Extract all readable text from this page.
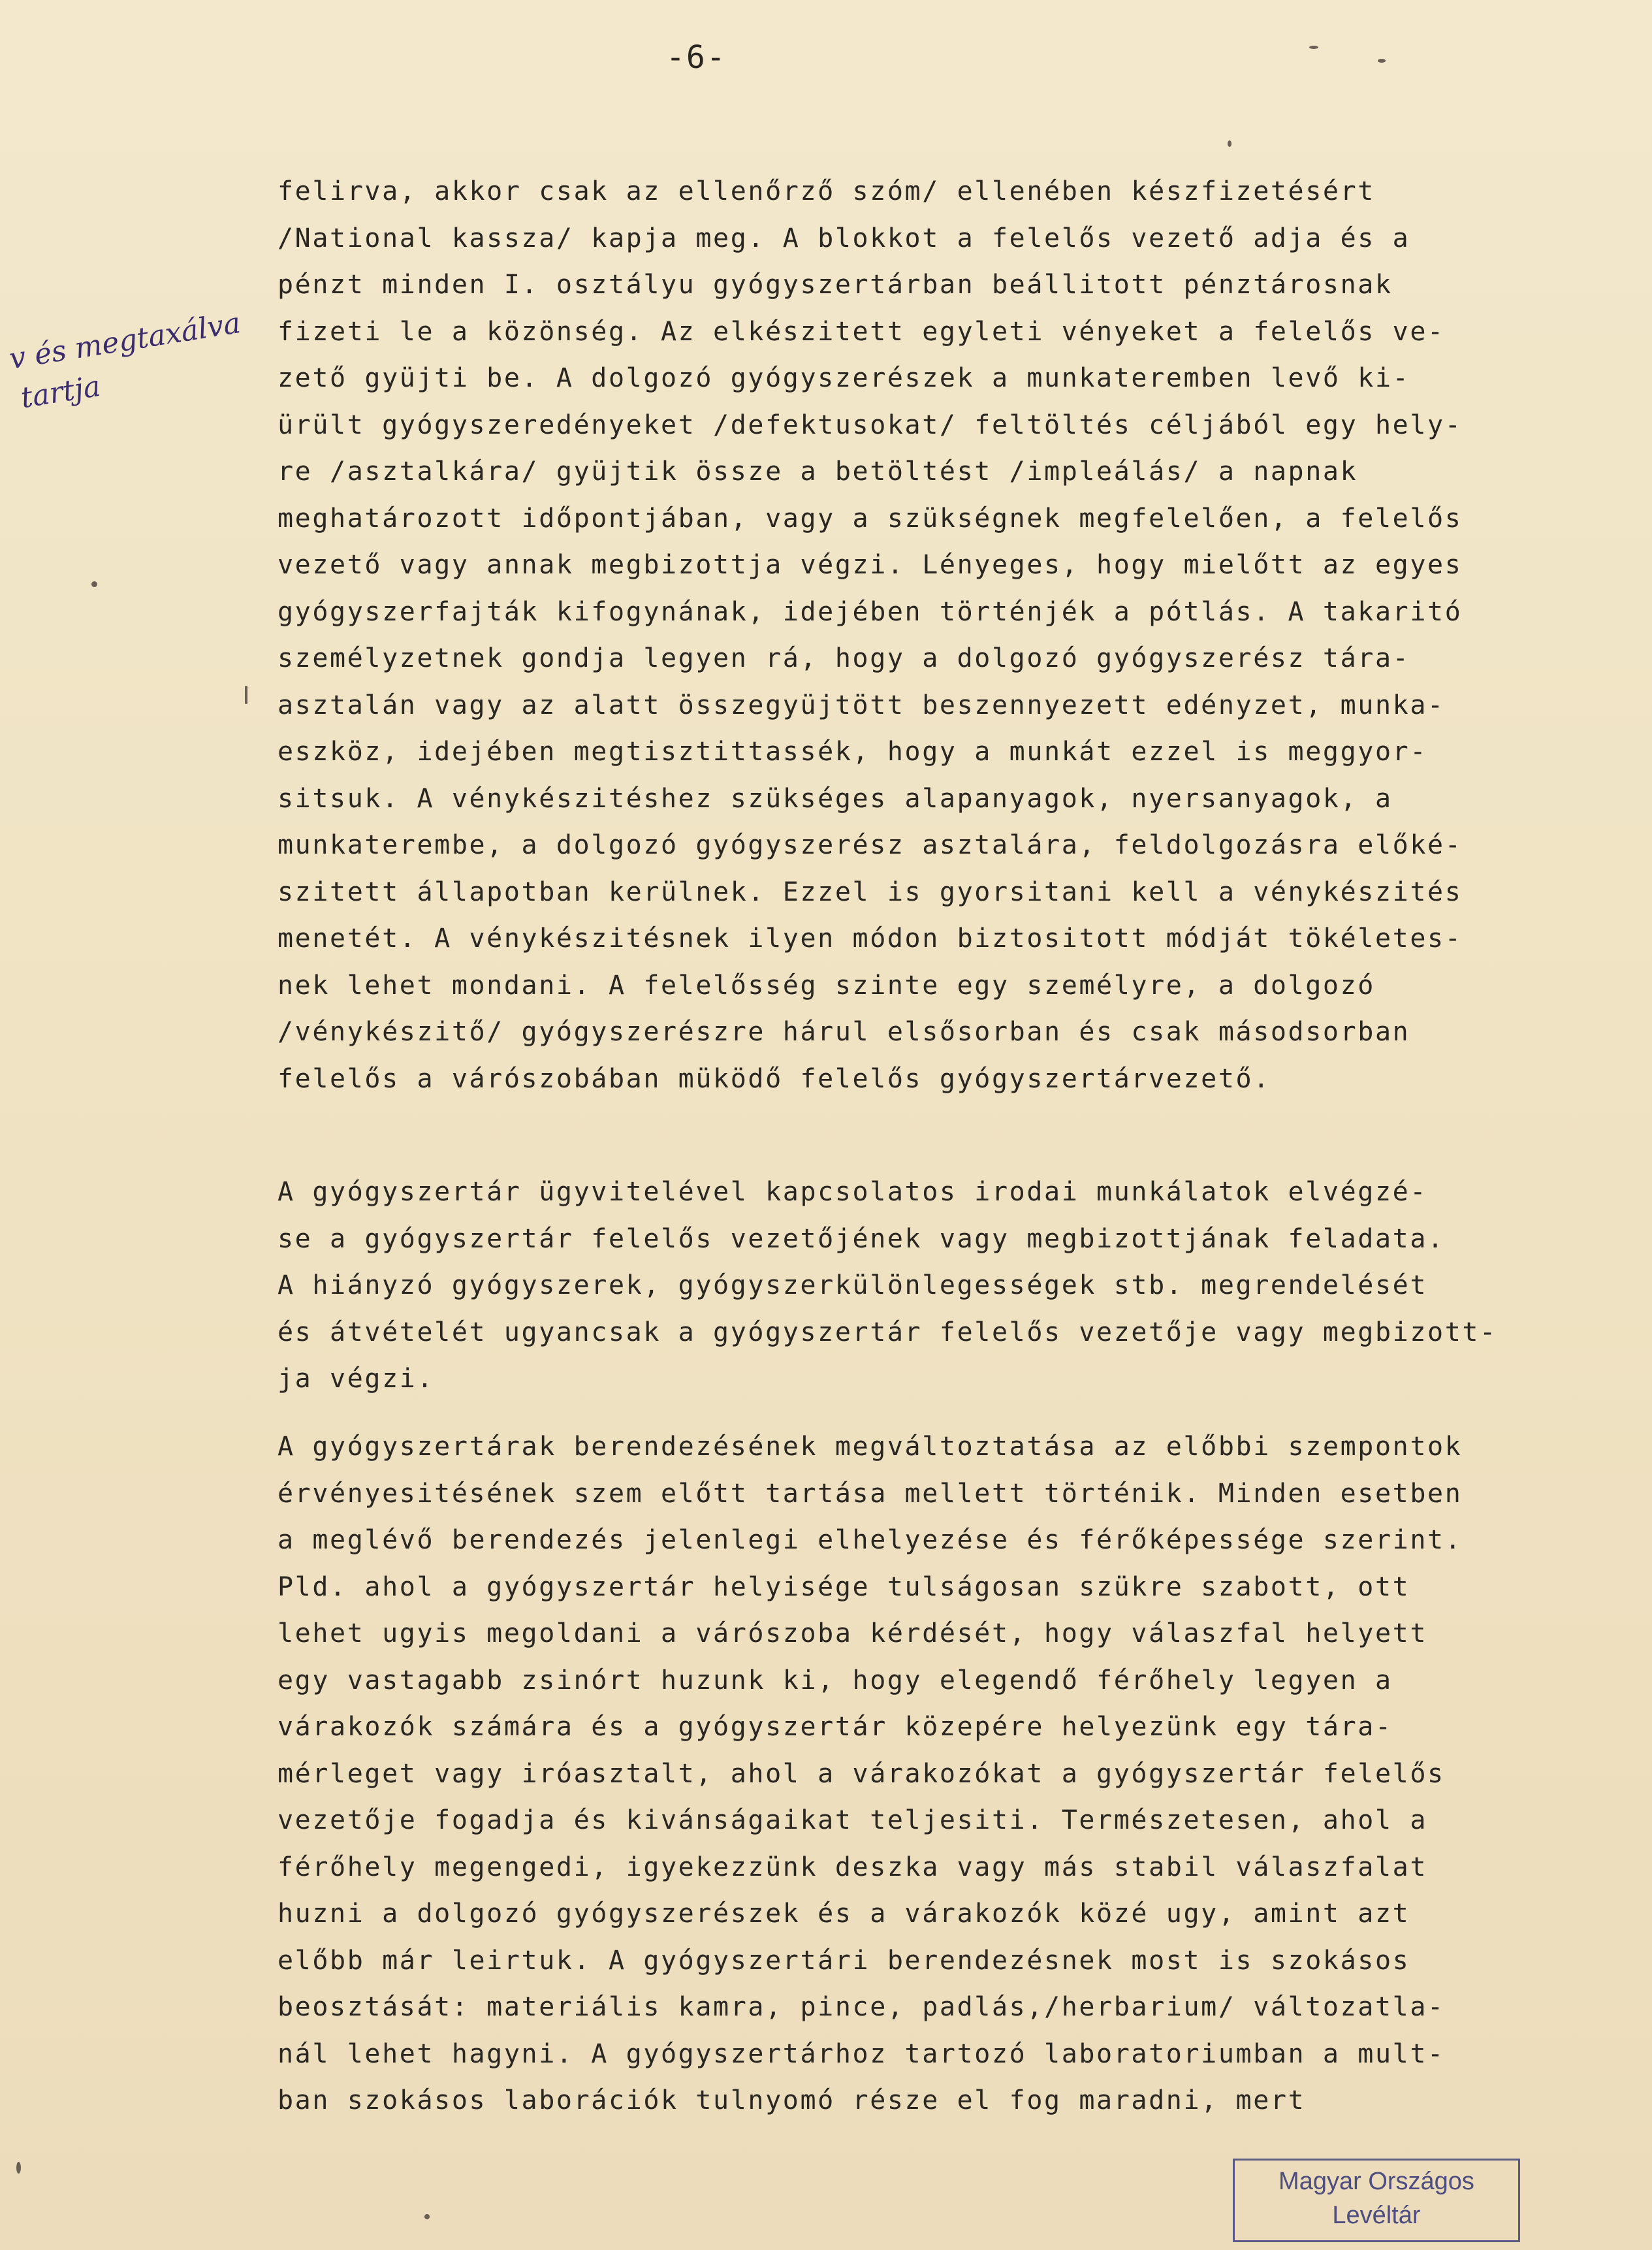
-6-
v és megtaxálva
tartja
felirva, akkor csak az ellenőrző szóm/ ellenében készfizetésért
/National kassza/ kapja meg. A blokkot a felelős vezető adja és a
pénzt minden I. osztályu gyógyszertárban beállitott pénztárosnak
fizeti le a közönség. Az elkészitett egyleti vényeket a felelős ve-
zető gyüjti be. A dolgozó gyógyszerészek a munkateremben levő ki-
ürült gyógyszeredényeket /defektusokat/ feltöltés céljából egy hely-
re /asztalkára/ gyüjtik össze a betöltést /impleálás/ a napnak
meghatározott időpontjában, vagy a szükségnek megfelelően, a felelős
vezető vagy annak megbizottja végzi. Lényeges, hogy mielőtt az egyes
gyógyszerfajták kifogynának, idejében történjék a pótlás. A takaritó
személyzetnek gondja legyen rá, hogy a dolgozó gyógyszerész tára-
asztalán vagy az alatt összegyüjtött beszennyezett edényzet, munka-
eszköz, idejében megtisztittassék, hogy a munkát ezzel is meggyor-
sitsuk. A vénykészitéshez szükséges alapanyagok, nyersanyagok, a
munkaterembe, a dolgozó gyógyszerész asztalára, feldolgozásra előké-
szitett állapotban kerülnek. Ezzel is gyorsitani kell a vénykészités
menetét. A vénykészitésnek ilyen módon biztositott módját tökéletes-
nek lehet mondani. A felelősség szinte egy személyre, a dolgozó
/vénykészitő/ gyógyszerészre hárul elsősorban és csak másodsorban
felelős a várószobában müködő felelős gyógyszertárvezető.
A gyógyszertár ügyvitelével kapcsolatos irodai munkálatok elvégzé-
se a gyógyszertár felelős vezetőjének vagy megbizottjának feladata.
A hiányzó gyógyszerek, gyógyszerkülönlegességek stb. megrendelését
és átvételét ugyancsak a gyógyszertár felelős vezetője vagy megbizott-
ja végzi.
A gyógyszertárak berendezésének megváltoztatása az előbbi szempontok
érvényesitésének szem előtt tartása mellett történik. Minden esetben
a meglévő berendezés jelenlegi elhelyezése és férőképessége szerint.
Pld. ahol a gyógyszertár helyisége tulságosan szükre szabott, ott
lehet ugyis megoldani a várószoba kérdését, hogy válaszfal helyett
egy vastagabb zsinórt huzunk ki, hogy elegendő férőhely legyen a
várakozók számára és a gyógyszertár közepére helyezünk egy tára-
mérleget vagy iróasztalt, ahol a várakozókat a gyógyszertár felelős
vezetője fogadja és kivánságaikat teljesiti. Természetesen, ahol a
férőhely megengedi, igyekezzünk deszka vagy más stabil válaszfalat
huzni a dolgozó gyógyszerészek és a várakozók közé ugy, amint azt
előbb már leirtuk. A gyógyszertári berendezésnek most is szokásos
beosztását: materiális kamra, pince, padlás,/herbarium/ változatla-
nál lehet hagyni. A gyógyszertárhoz tartozó laboratoriumban a mult-
ban szokásos laborációk tulnyomó része el fog maradni, mert
Magyar Országos
Levéltár
